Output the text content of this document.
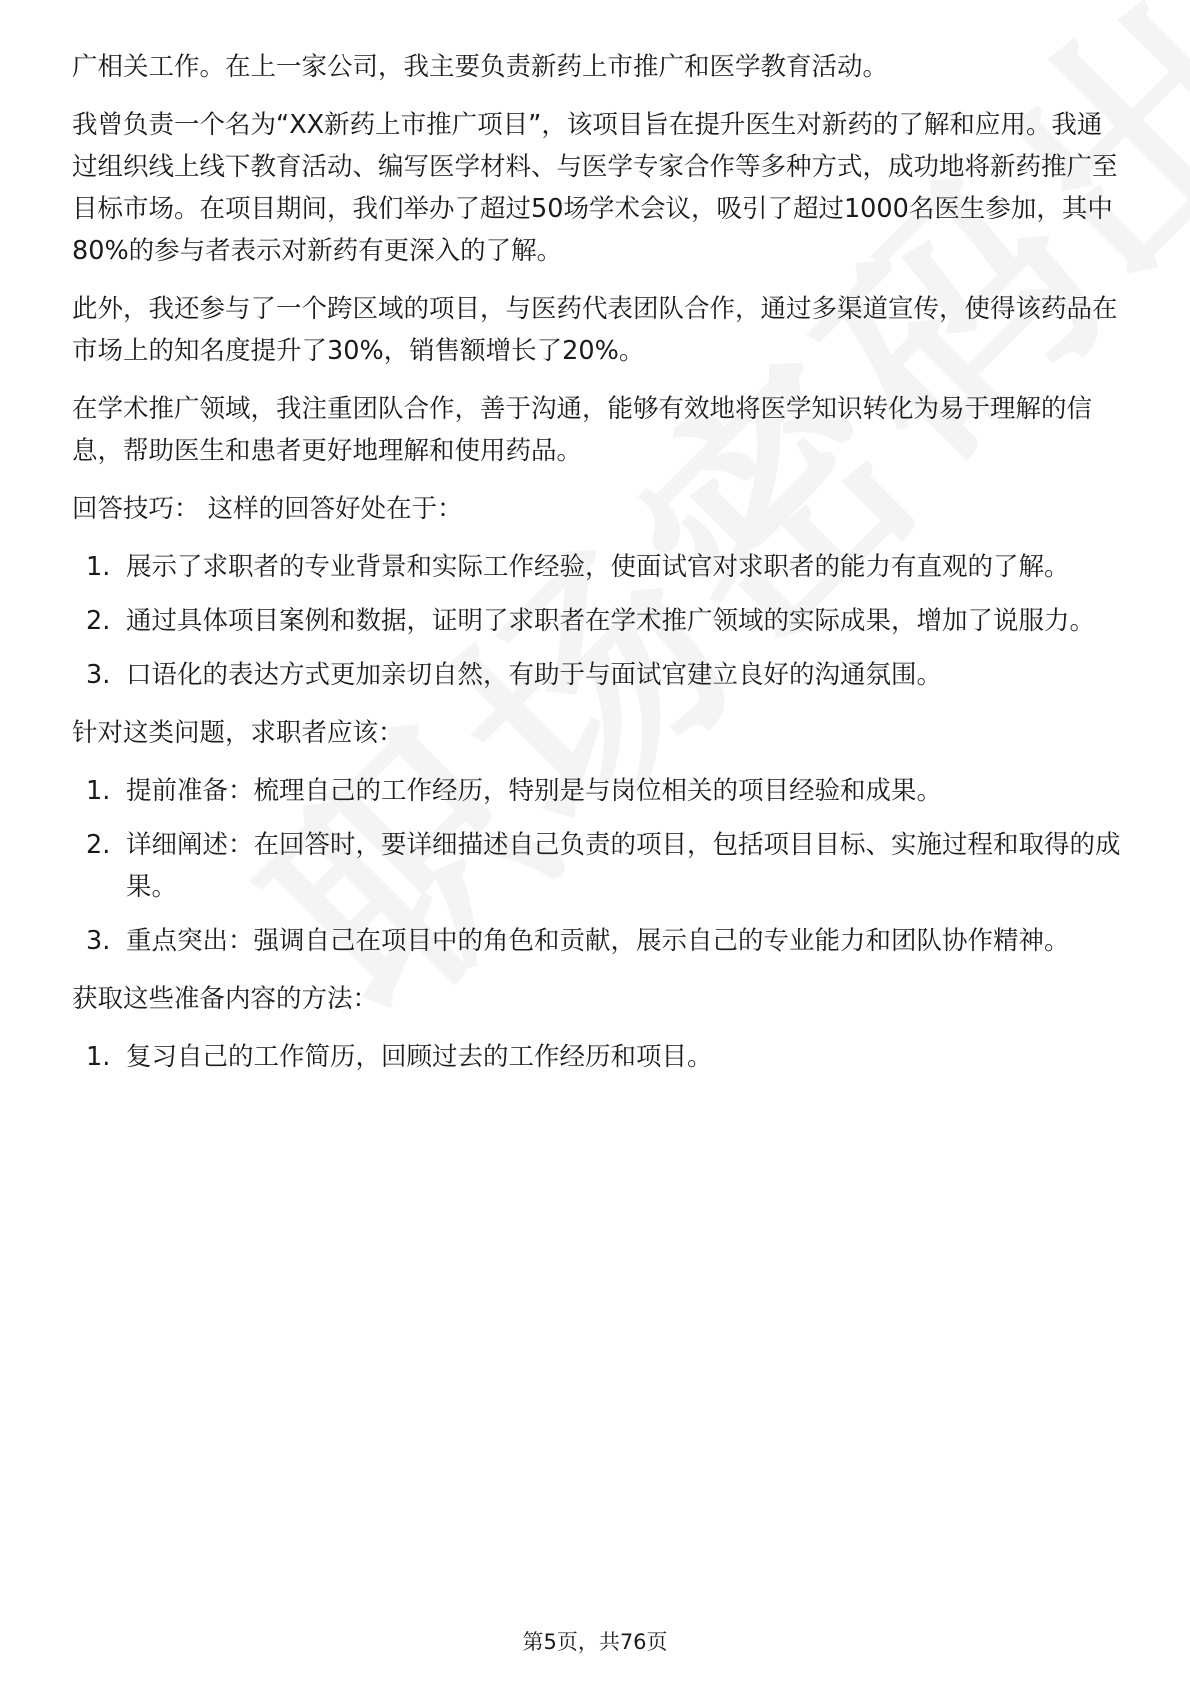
广相关工作。在上一家公司，我主要负责新药上市推广和医学教育活动。

我曾负责一个名为“XX新药上市推广项目”，该项目旨在提升医生对新药的了解和应用。我通过组织线上线下教育活动、编写医学材料、与医学专家合作等多种方式，成功地将新药推广至目标市场。在项目期间，我们举办了超过50场学术会议，吸引了超过1000名医生参加，其中80%的参与者表示对新药有更深入的了解。

此外，我还参与了一个跨区域的项目，与医药代表团队合作，通过多渠道宣传，使得该药品在市场上的知名度提升了30%，销售额增长了20%。

在学术推广领域，我注重团队合作，善于沟通，能够有效地将医学知识转化为易于理解的信息，帮助医生和患者更好地理解和使用药品。

回答技巧： 这样的回答好处在于：

1. 展示了求职者的专业背景和实际工作经验，使面试官对求职者的能力有直观的了解。
2. 通过具体项目案例和数据，证明了求职者在学术推广领域的实际成果，增加了说服力。
3. 口语化的表达方式更加亲切自然，有助于与面试官建立良好的沟通氛围。

针对这类问题，求职者应该：

1. 提前准备：梳理自己的工作经历，特别是与岗位相关的项目经验和成果。
2. 详细阐述：在回答时，要详细描述自己负责的项目，包括项目目标、实施过程和取得的成果。
3. 重点突出：强调自己在项目中的角色和贡献，展示自己的专业能力和团队协作精神。

获取这些准备内容的方法：

1. 复习自己的工作简历，回顾过去的工作经历和项目。
第5页，共76页
